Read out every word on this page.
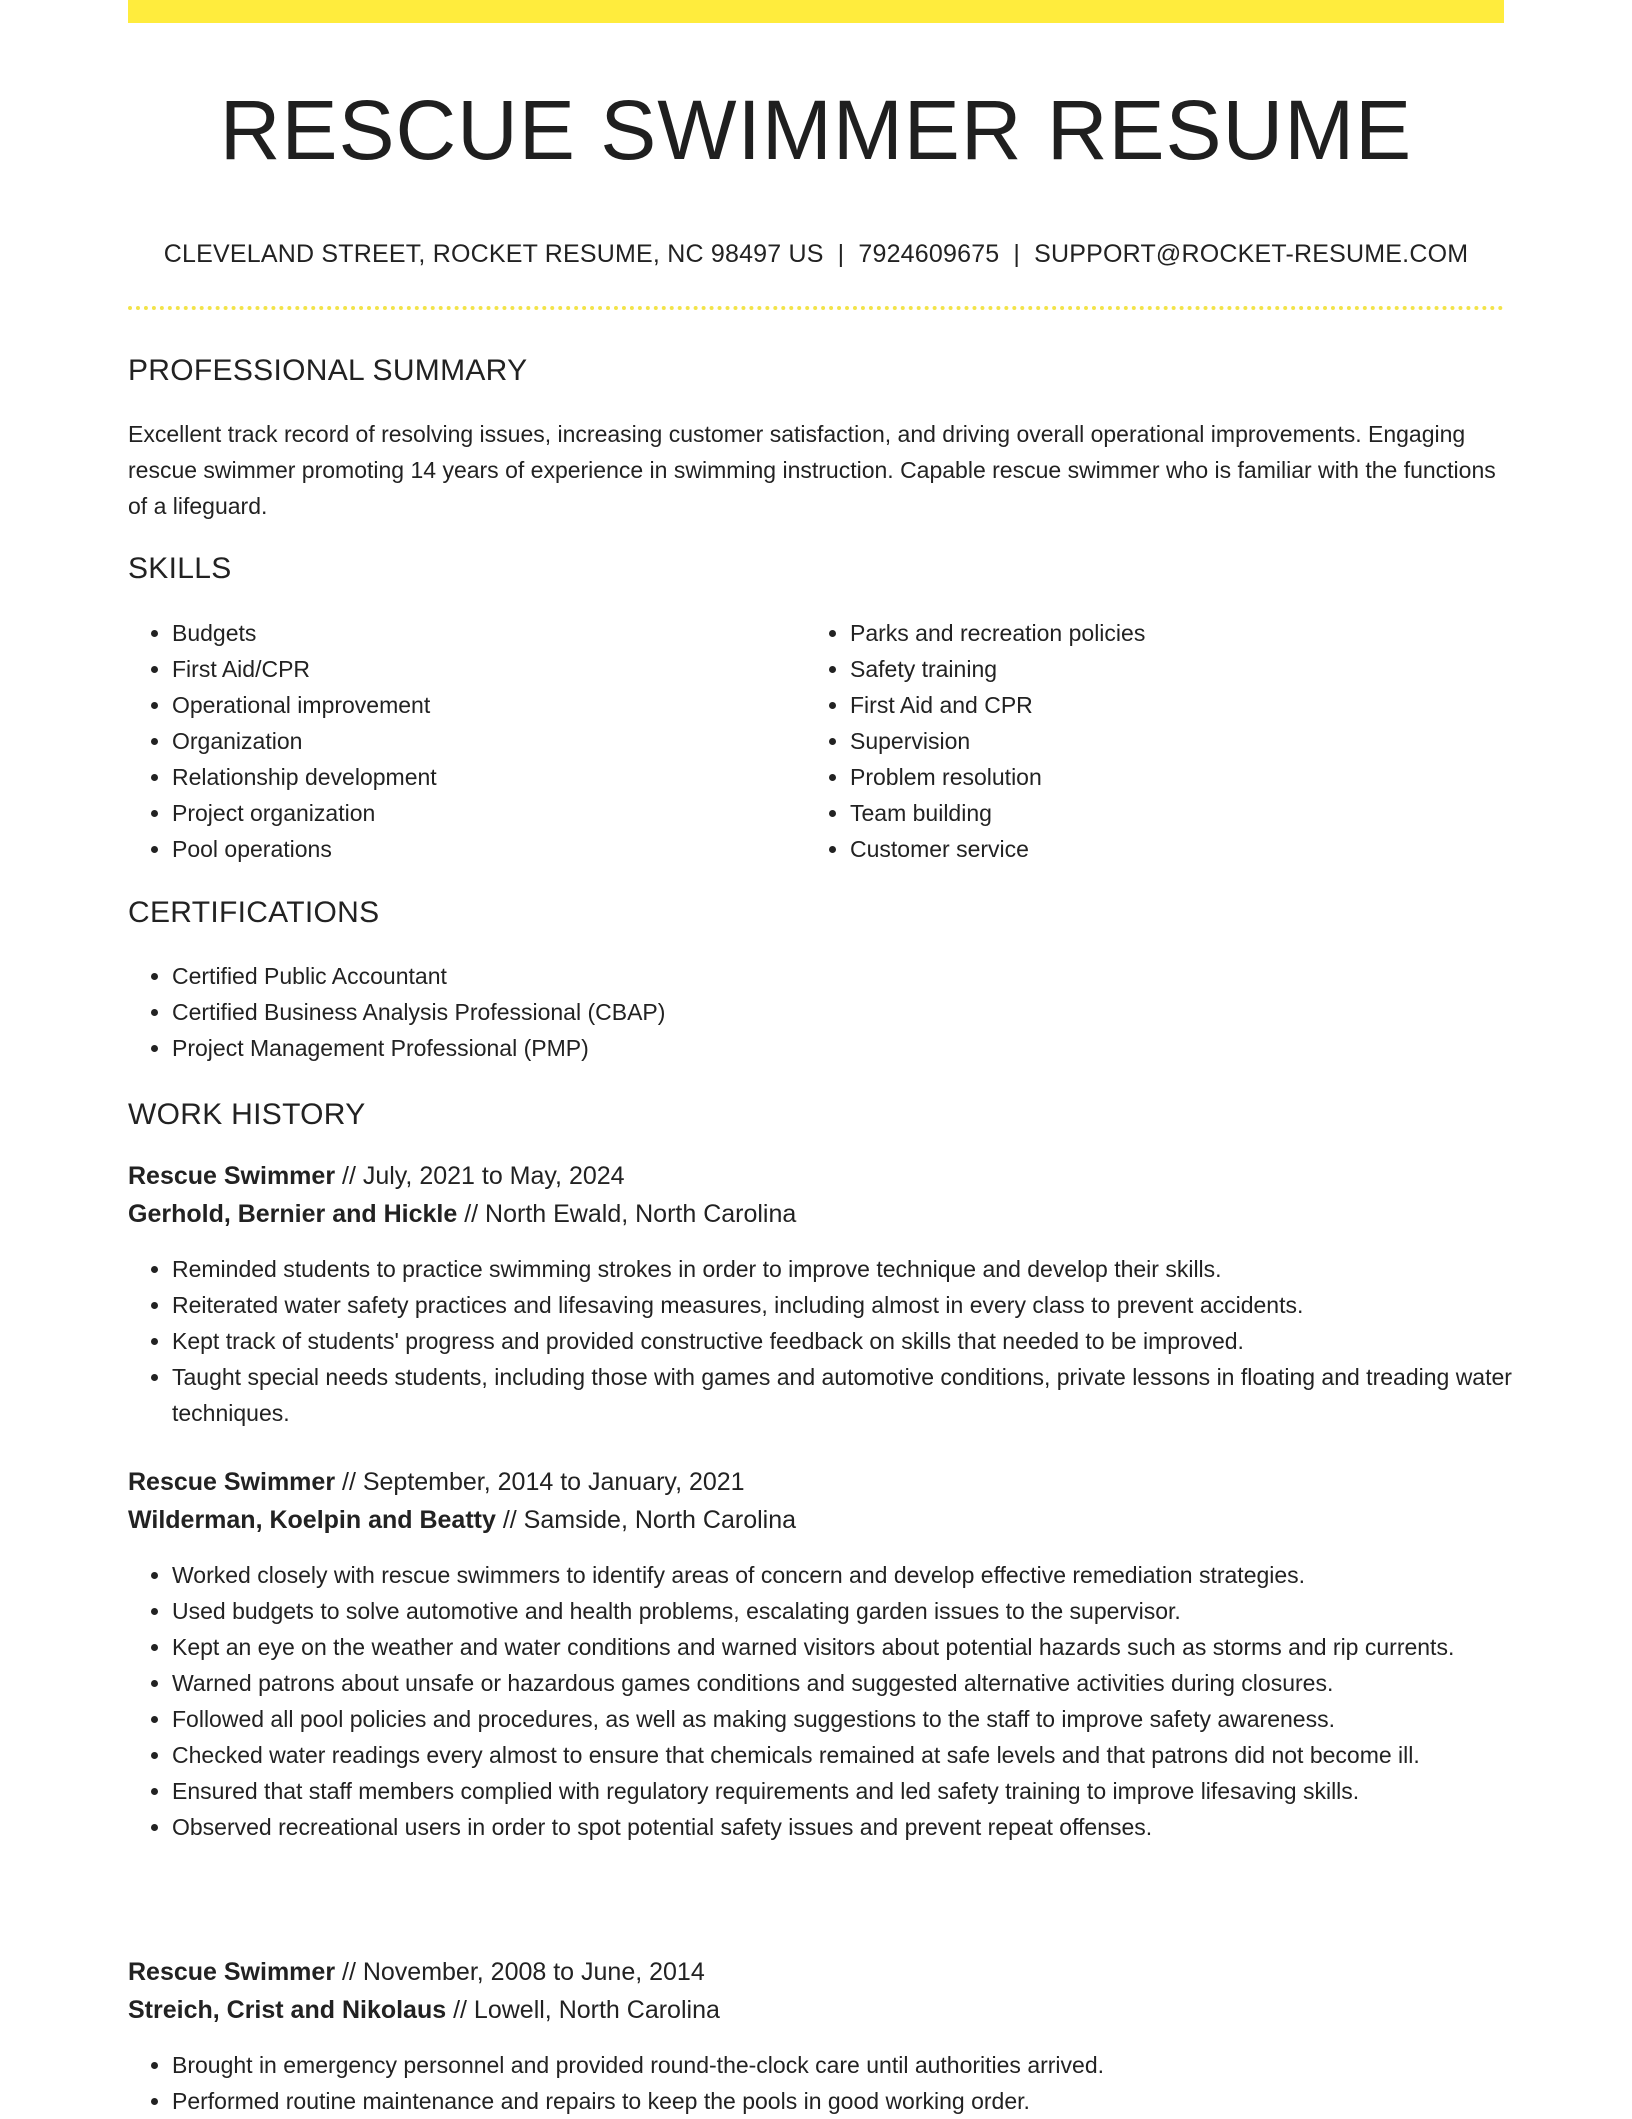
RESCUE SWIMMER RESUME
CLEVELAND STREET, ROCKET RESUME, NC 98497 US | 7924609675 | SUPPORT@ROCKET-RESUME.COM
PROFESSIONAL SUMMARY

Excellent track record of resolving issues, increasing customer satisfaction, and driving overall operational improvements. Engaging rescue swimmer promoting 14 years of experience in swimming instruction. Capable rescue swimmer who is familiar with the functions of a lifeguard.

SKILLS
• Budgets
• First Aid/CPR
• Operational improvement
• Organization
• Relationship development
• Project organization
• Pool operations
• Parks and recreation policies
• Safety training
• First Aid and CPR
• Supervision
• Problem resolution
• Team building
• Customer service
CERTIFICATIONS
• Certified Public Accountant
• Certified Business Analysis Professional (CBAP)
• Project Management Professional (PMP)
WORK HISTORY
Rescue Swimmer // July, 2021 to May, 2024
Gerhold, Bernier and Hickle // North Ewald, North Carolina
• Reminded students to practice swimming strokes in order to improve technique and develop their skills.
• Reiterated water safety practices and lifesaving measures, including almost in every class to prevent accidents.
• Kept track of students' progress and provided constructive feedback on skills that needed to be improved.
• Taught special needs students, including those with games and automotive conditions, private lessons in floating and treading water techniques.
Rescue Swimmer // September, 2014 to January, 2021
Wilderman, Koelpin and Beatty // Samside, North Carolina
• Worked closely with rescue swimmers to identify areas of concern and develop effective remediation strategies.
• Used budgets to solve automotive and health problems, escalating garden issues to the supervisor.
• Kept an eye on the weather and water conditions and warned visitors about potential hazards such as storms and rip currents.
• Warned patrons about unsafe or hazardous games conditions and suggested alternative activities during closures.
• Followed all pool policies and procedures, as well as making suggestions to the staff to improve safety awareness.
• Checked water readings every almost to ensure that chemicals remained at safe levels and that patrons did not become ill.
• Ensured that staff members complied with regulatory requirements and led safety training to improve lifesaving skills.
• Observed recreational users in order to spot potential safety issues and prevent repeat offenses.
Rescue Swimmer // November, 2008 to June, 2014
Streich, Crist and Nikolaus // Lowell, North Carolina
• Brought in emergency personnel and provided round-the-clock care until authorities arrived.
• Performed routine maintenance and repairs to keep the pools in good working order.
